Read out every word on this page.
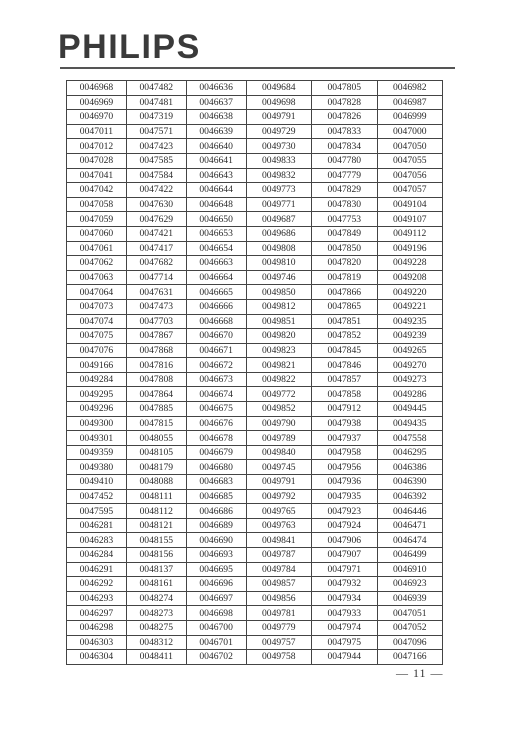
PHILIPS
0046968	0047482	0046636	0049684	0047805	0046982
0046969	0047481	0046637	0049698	0047828	0046987
0046970	0047319	0046638	0049791	0047826	0046999
0047011	0047571	0046639	0049729	0047833	0047000
0047012	0047423	0046640	0049730	0047834	0047050
0047028	0047585	0046641	0049833	0047780	0047055
0047041	0047584	0046643	0049832	0047779	0047056
0047042	0047422	0046644	0049773	0047829	0047057
0047058	0047630	0046648	0049771	0047830	0049104
0047059	0047629	0046650	0049687	0047753	0049107
0047060	0047421	0046653	0049686	0047849	0049112
0047061	0047417	0046654	0049808	0047850	0049196
0047062	0047682	0046663	0049810	0047820	0049228
0047063	0047714	0046664	0049746	0047819	0049208
0047064	0047631	0046665	0049850	0047866	0049220
0047073	0047473	0046666	0049812	0047865	0049221
0047074	0047703	0046668	0049851	0047851	0049235
0047075	0047867	0046670	0049820	0047852	0049239
0047076	0047868	0046671	0049823	0047845	0049265
0049166	0047816	0046672	0049821	0047846	0049270
0049284	0047808	0046673	0049822	0047857	0049273
0049295	0047864	0046674	0049772	0047858	0049286
0049296	0047885	0046675	0049852	0047912	0049445
0049300	0047815	0046676	0049790	0047938	0049435
0049301	0048055	0046678	0049789	0047937	0047558
0049359	0048105	0046679	0049840	0047958	0046295
0049380	0048179	0046680	0049745	0047956	0046386
0049410	0048088	0046683	0049791	0047936	0046390
0047452	0048111	0046685	0049792	0047935	0046392
0047595	0048112	0046686	0049765	0047923	0046446
0046281	0048121	0046689	0049763	0047924	0046471
0046283	0048155	0046690	0049841	0047906	0046474
0046284	0048156	0046693	0049787	0047907	0046499
0046291	0048137	0046695	0049784	0047971	0046910
0046292	0048161	0046696	0049857	0047932	0046923
0046293	0048274	0046697	0049856	0047934	0046939
0046297	0048273	0046698	0049781	0047933	0047051
0046298	0048275	0046700	0049779	0047974	0047052
0046303	0048312	0046701	0049757	0047975	0047096
0046304	0048411	0046702	0049758	0047944	0047166
— 11 —
